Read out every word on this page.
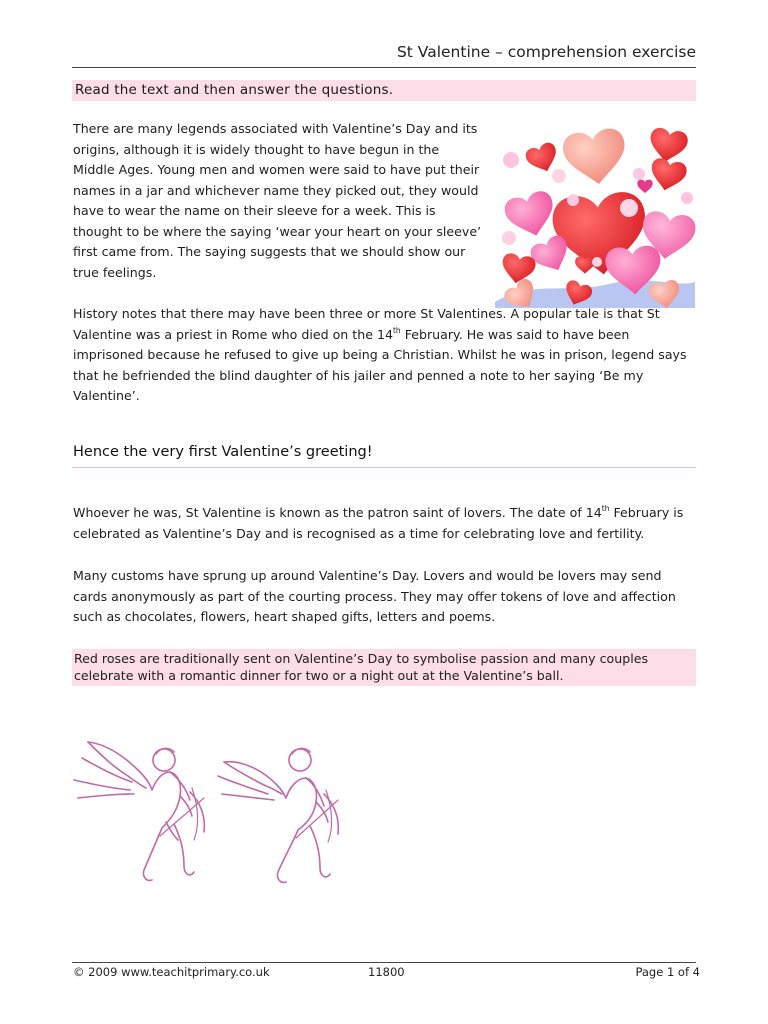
St Valentine – comprehension exercise
Read the text and then answer the questions.

There are many legends associated with Valentine’s Day and its origins, although it is widely thought to have begun in the Middle Ages. Young men and women were said to have put their names in a jar and whichever name they picked out, they would have to wear the name on their sleeve for a week. This is thought to be where the saying ‘wear your heart on your sleeve’ first came from. The saying suggests that we should show our true feelings.

History notes that there may have been three or more St Valentines. A popular tale is that St Valentine was a priest in Rome who died on the 14th February. He was said to have been imprisoned because he refused to give up being a Christian. Whilst he was in prison, legend says that he befriended the blind daughter of his jailer and penned a note to her saying ‘Be my Valentine’.

Hence the very first Valentine’s greeting!

Whoever he was, St Valentine is known as the patron saint of lovers. The date of 14th February is celebrated as Valentine’s Day and is recognised as a time for celebrating love and fertility.

Many customs have sprung up around Valentine’s Day. Lovers and would be lovers may send cards anonymously as part of the courting process. They may offer tokens of love and affection such as chocolates, flowers, heart shaped gifts, letters and poems.

Red roses are traditionally sent on Valentine’s Day to symbolise passion and many couples celebrate with a romantic dinner for two or a night out at the Valentine’s ball.

© 2009 www.teachitprimary.co.uk	11800	Page 1 of 4
